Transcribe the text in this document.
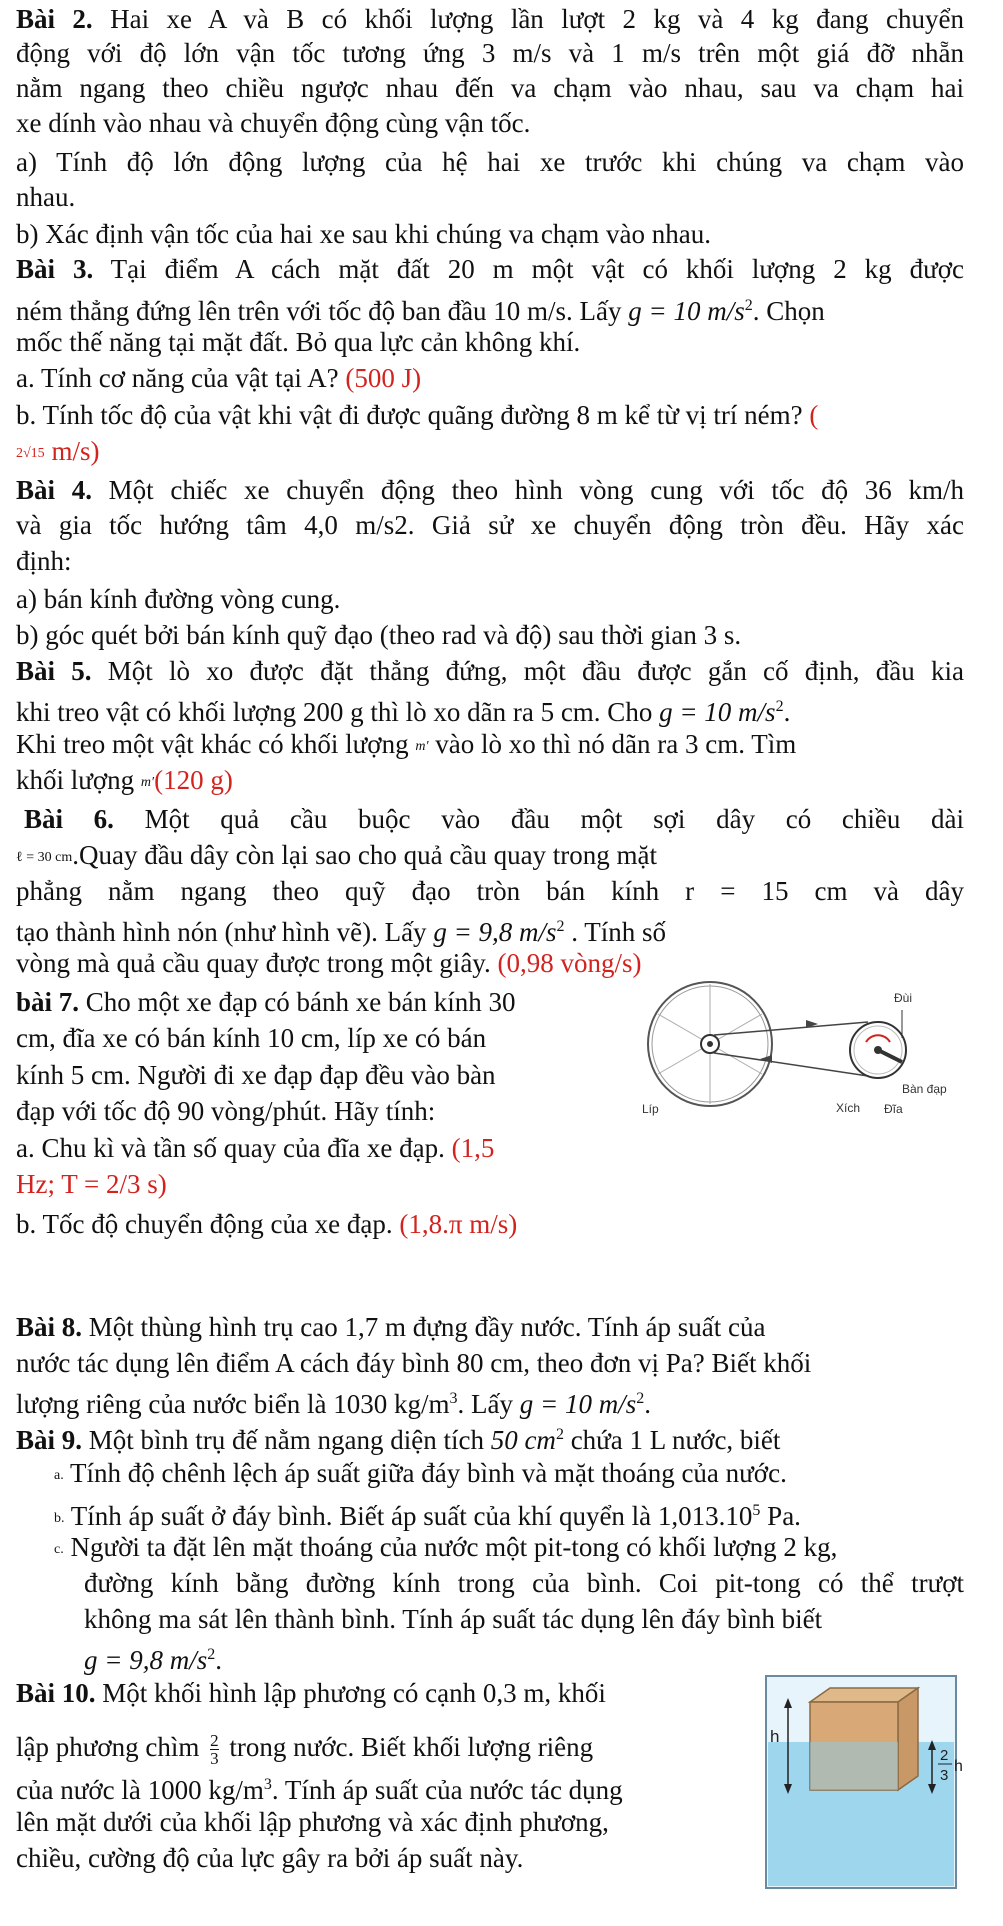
Bài 2. Hai xe A và B có khối lượng lần lượt 2 kg và 4 kg đang chuyển
động với độ lớn vận tốc tương ứng 3 m/s và 1 m/s trên một giá đỡ nhẵn
nằm ngang theo chiều ngược nhau đến va chạm vào nhau, sau va chạm hai
xe dính vào nhau và chuyển động cùng vận tốc.
a) Tính độ lớn động lượng của hệ hai xe trước khi chúng va chạm vào
nhau.
b) Xác định vận tốc của hai xe sau khi chúng va chạm vào nhau.
Bài 3. Tại điểm A cách mặt đất 20 m một vật có khối lượng 2 kg được
ném thẳng đứng lên trên với tốc độ ban đầu 10 m/s. Lấy g = 10 $m/s^2$. Chọn
mốc thế năng tại mặt đất. Bỏ qua lực cản không khí.
a. Tính cơ năng của vật tại A? (500 J)
b. Tính tốc độ của vật khi vật đi được quãng đường 8 m kể từ vị trí ném? (
2√15 m/s)
Bài 4. Một chiếc xe chuyển động theo hình vòng cung với tốc độ 36 km/h
và gia tốc hướng tâm 4,0 m/s2. Giả sử xe chuyển động tròn đều. Hãy xác
định:
a) bán kính đường vòng cung.
b) góc quét bởi bán kính quỹ đạo (theo rad và độ) sau thời gian 3 s.
Bài 5. Một lò xo được đặt thẳng đứng, một đầu được gắn cố định, đầu kia
khi treo vật có khối lượng 200 g thì lò xo dãn ra 5 cm. Cho g = 10 $m/s^2$.
Khi treo một vật khác có khối lượng m′ vào lò xo thì nó dãn ra 3 cm. Tìm
khối lượng m′(120 g)
Bài 6. Một quả cầu buộc vào đầu một sợi dây có chiều dài
ℓ = 30 cm.Quay đầu dây còn lại sao cho quả cầu quay trong mặt
phẳng nằm ngang theo quỹ đạo tròn bán kính r = 15 cm và dây
tạo thành hình nón (như hình vẽ). Lấy g = 9,8 $m/s^2$ . Tính số
vòng mà quả cầu quay được trong một giây. (0,98 vòng/s)
bài 7. Cho một xe đạp có bánh xe bán kính 30
cm, đĩa xe có bán kính 10 cm, líp xe có bán
kính 5 cm. Người đi xe đạp đạp đều vào bàn
đạp với tốc độ 90 vòng/phút. Hãy tính:
a. Chu kì và tần số quay của đĩa xe đạp. (1,5
Hz; T = 2/3 s)
b. Tốc độ chuyển động của xe đạp. (1,8.π m/s)
Đùi
Bàn đạp
Líp	Xích Đĩa
Bài 8. Một thùng hình trụ cao 1,7 m đựng đầy nước. Tính áp suất của
nước tác dụng lên điểm A cách đáy bình 80 cm, theo đơn vị Pa? Biết khối
lượng riêng của nước biển là 1030 $kg/m^3$. Lấy g = 10 $m/s^2$.
Bài 9. Một bình trụ đế nằm ngang diện tích 50 $cm^2$ chứa 1 L nước, biết
a. Tính độ chênh lệch áp suất giữa đáy bình và mặt thoáng của nước.
b. Tính áp suất ở đáy bình. Biết áp suất của khí quyển là 1,013.10$^5$ Pa.
c. Người ta đặt lên mặt thoáng của nước một pit-tong có khối lượng 2 kg,
đường kính bằng đường kính trong của bình. Coi pit-tong có thể trượt
không ma sát lên thành bình. Tính áp suất tác dụng lên đáy bình biết
g = 9,8 $m/s^2$.
Bài 10. Một khối hình lập phương có cạnh 0,3 m, khối
lập phương chìm $\frac{2}{3}$ trong nước. Biết khối lượng riêng
của nước là 1000 $kg/m^3$. Tính áp suất của nước tác dụng
lên mặt dưới của khối lập phương và xác định phương,
chiều, cường độ của lực gây ra bởi áp suất này.
h
2
3
h
